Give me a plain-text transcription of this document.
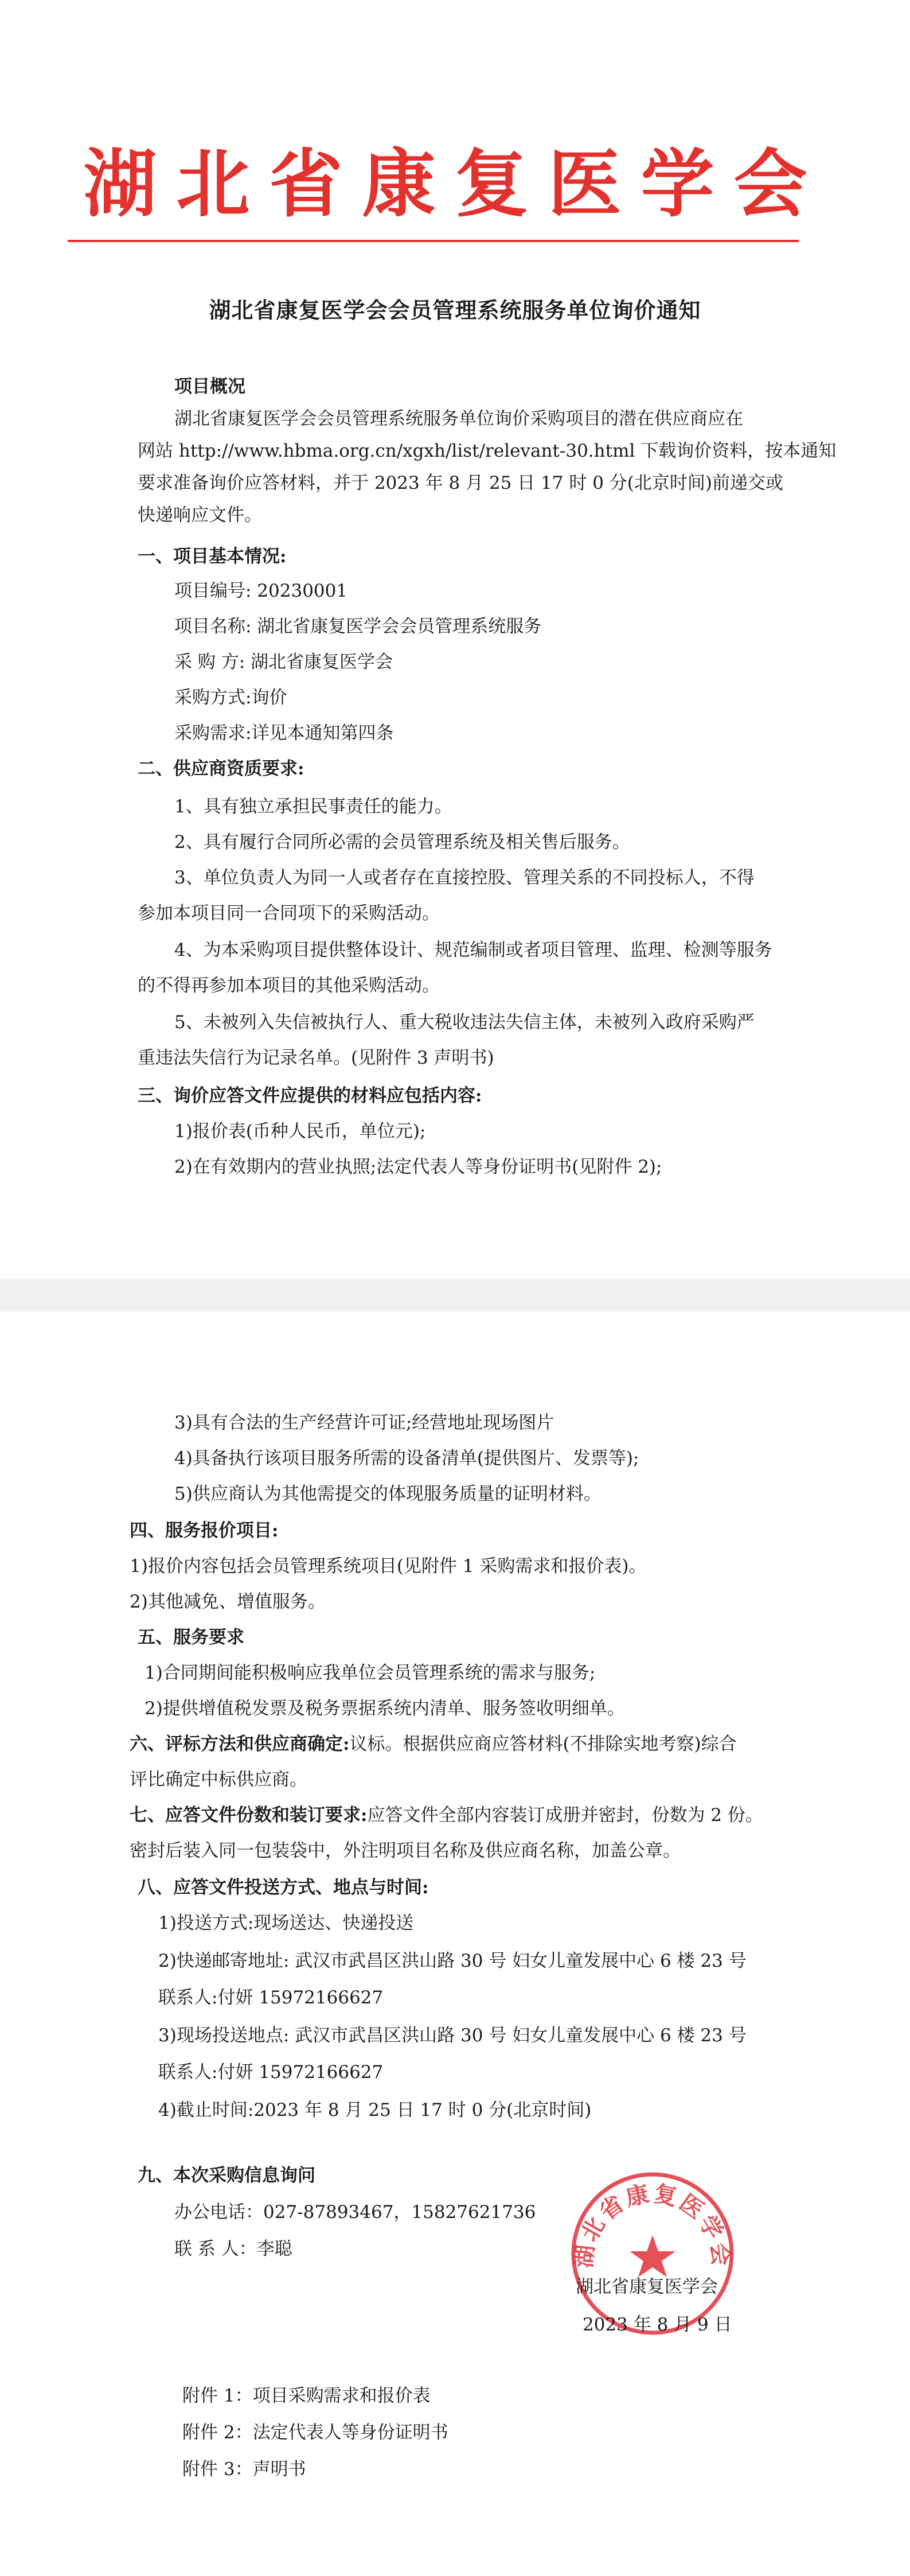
湖北省康复医学会
湖北省康复医学会会员管理系统服务单位询价通知
项目概况
湖北省康复医学会会员管理系统服务单位询价采购项目的潜在供应商应在
网站 http://www.hbma.org.cn/xgxh/list/relevant-30.html 下载询价资料，按本通知
要求准备询价应答材料，并于 2023 年 8 月 25 日 17 时 0 分(北京时间)前递交或
快递响应文件。
一、项目基本情况:
项目编号: 20230001
项目名称: 湖北省康复医学会会员管理系统服务
采 购 方: 湖北省康复医学会
采购方式:询价
采购需求:详见本通知第四条
二、供应商资质要求:
1、具有独立承担民事责任的能力。
2、具有履行合同所必需的会员管理系统及相关售后服务。
3、单位负责人为同一人或者存在直接控股、管理关系的不同投标人，不得
参加本项目同一合同项下的采购活动。
4、为本采购项目提供整体设计、规范编制或者项目管理、监理、检测等服务
的不得再参加本项目的其他采购活动。
5、未被列入失信被执行人、重大税收违法失信主体，未被列入政府采购严
重违法失信行为记录名单。(见附件 3 声明书)
三、询价应答文件应提供的材料应包括内容:
1)报价表(币种人民币，单位元);
2)在有效期内的营业执照;法定代表人等身份证明书(见附件 2);
3)具有合法的生产经营许可证;经营地址现场图片
4)具备执行该项目服务所需的设备清单(提供图片、发票等);
5)供应商认为其他需提交的体现服务质量的证明材料。
四、服务报价项目:
1)报价内容包括会员管理系统项目(见附件 1 采购需求和报价表)。
2)其他减免、增值服务。
五、服务要求
1)合同期间能积极响应我单位会员管理系统的需求与服务;
2)提供增值税发票及税务票据系统内清单、服务签收明细单。
六、评标方法和供应商确定:议标。根据供应商应答材料(不排除实地考察)综合
评比确定中标供应商。
七、应答文件份数和装订要求:应答文件全部内容装订成册并密封，份数为 2 份。
密封后装入同一包装袋中，外注明项目名称及供应商名称，加盖公章。
八、应答文件投送方式、地点与时间:
1)投送方式:现场送达、快递投送
2)快递邮寄地址: 武汉市武昌区洪山路 30 号 妇女儿童发展中心 6 楼 23 号
联系人:付妍 15972166627
3)现场投送地点: 武汉市武昌区洪山路 30 号 妇女儿童发展中心 6 楼 23 号
联系人:付妍 15972166627
4)截止时间:2023 年 8 月 25 日 17 时 0 分(北京时间)
九、本次采购信息询问
办公电话：027-87893467，15827621736
联 系 人：李聪	湖北省康复医学会
湖北省康复医学会
2023 年 8 月 9 日
附件 1：项目采购需求和报价表
附件 2：法定代表人等身份证明书
附件 3：声明书
